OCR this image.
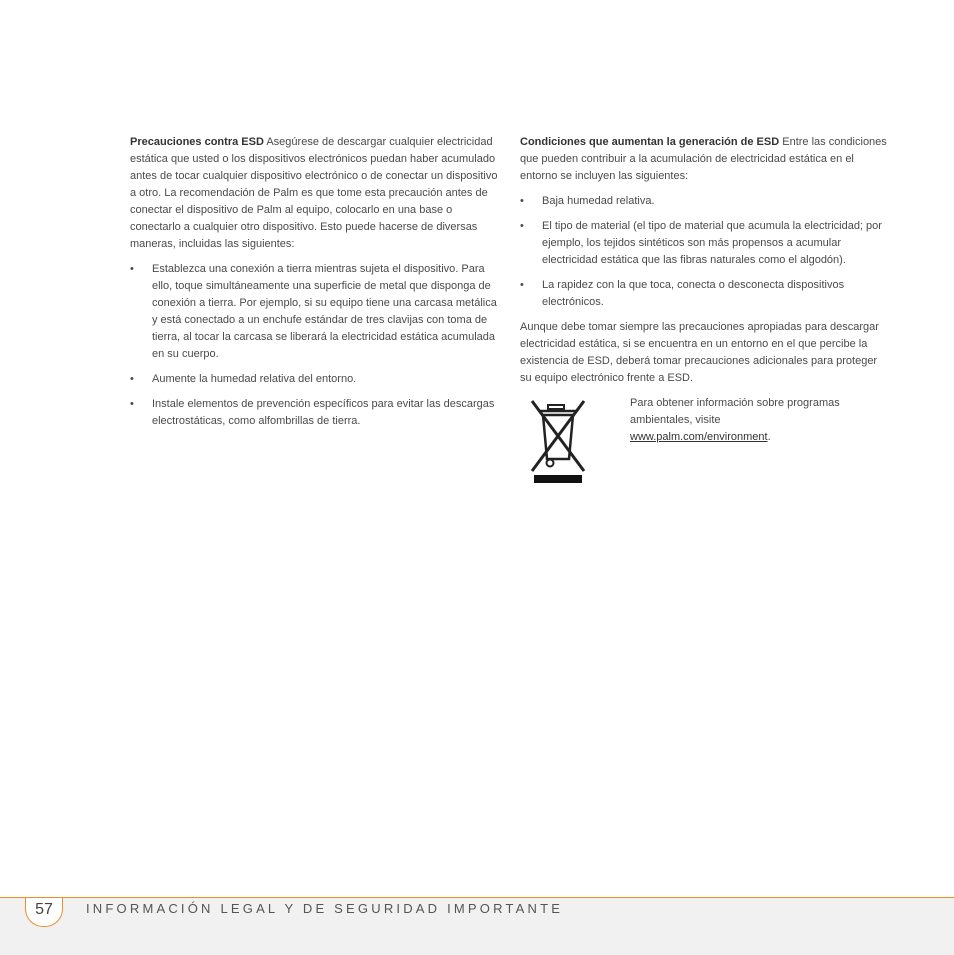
Precauciones contra ESD Asegúrese de descargar cualquier electricidad estática que usted o los dispositivos electrónicos puedan haber acumulado antes de tocar cualquier dispositivo electrónico o de conectar un dispositivo a otro. La recomendación de Palm es que tome esta precaución antes de conectar el dispositivo de Palm al equipo, colocarlo en una base o conectarlo a cualquier otro dispositivo. Esto puede hacerse de diversas maneras, incluidas las siguientes:

• Establezca una conexión a tierra mientras sujeta el dispositivo. Para ello, toque simultáneamente una superficie de metal que disponga de conexión a tierra. Por ejemplo, si su equipo tiene una carcasa metálica y está conectado a un enchufe estándar de tres clavijas con toma de tierra, al tocar la carcasa se liberará la electricidad estática acumulada en su cuerpo.
• Aumente la humedad relativa del entorno.
• Instale elementos de prevención específicos para evitar las descargas electrostáticas, como alfombrillas de tierra.

Condiciones que aumentan la generación de ESD Entre las condiciones que pueden contribuir a la acumulación de electricidad estática en el entorno se incluyen las siguientes:

• Baja humedad relativa.
• El tipo de material (el tipo de material que acumula la electricidad; por ejemplo, los tejidos sintéticos son más propensos a acumular electricidad estática que las fibras naturales como el algodón).
• La rapidez con la que toca, conecta o desconecta dispositivos electrónicos.

Aunque debe tomar siempre las precauciones apropiadas para descargar electricidad estática, si se encuentra en un entorno en el que percibe la existencia de ESD, deberá tomar precauciones adicionales para proteger su equipo electrónico frente a ESD.

Para obtener información sobre programas ambientales, visite
www.palm.com/environment.
57	INFORMACIÓN LEGAL Y DE SEGURIDAD IMPORTANTE
